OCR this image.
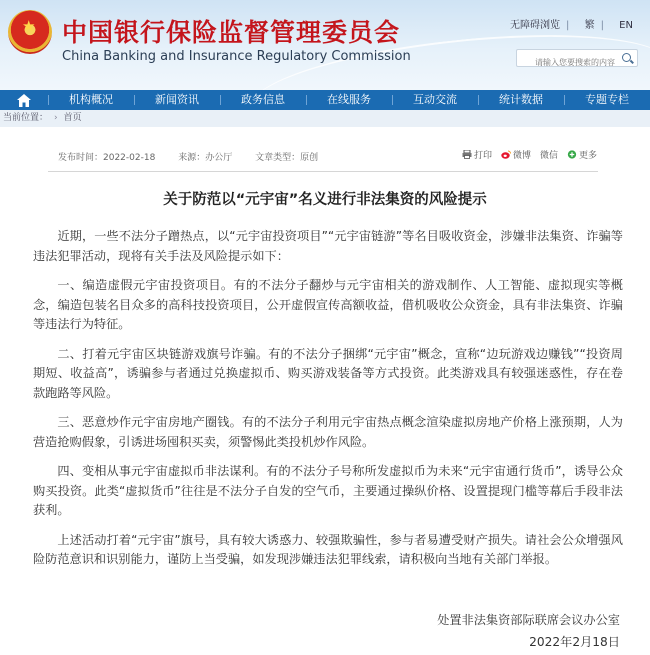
★ 中国银行保险监督管理委员会
China Banking and Insurance Regulatory Commission
无障碍浏览 | 繁 | EN
请输入您要搜索的内容
机构概况	新闻资讯	政务信息	在线服务	互动交流	统计数据	专题专栏
当前位置： › 首页
发布时间：2022-02-18	来源：办公厅	文章类型：原创	打印 微博 微信 更多
关于防范以“元宇宙”名义进行非法集资的风险提示

近期，一些不法分子蹭热点，以“元宇宙投资项目”“元宇宙链游”等名目吸收资金，涉嫌非法集资、诈骗等违法犯罪活动，现将有关手法及风险提示如下：

一、编造虚假元宇宙投资项目。有的不法分子翻炒与元宇宙相关的游戏制作、人工智能、虚拟现实等概念，编造包装名目众多的高科技投资项目，公开虚假宣传高额收益，借机吸收公众资金，具有非法集资、诈骗等违法行为特征。

二、打着元宇宙区块链游戏旗号诈骗。有的不法分子捆绑“元宇宙”概念，宣称“边玩游戏边赚钱”“投资周期短、收益高”，诱骗参与者通过兑换虚拟币、购买游戏装备等方式投资。此类游戏具有较强迷惑性，存在卷款跑路等风险。

三、恶意炒作元宇宙房地产圈钱。有的不法分子利用元宇宙热点概念渲染虚拟房地产价格上涨预期，人为营造抢购假象，引诱进场囤积买卖，须警惕此类投机炒作风险。

四、变相从事元宇宙虚拟币非法谋利。有的不法分子号称所发虚拟币为未来“元宇宙通行货币”，诱导公众购买投资。此类“虚拟货币”往往是不法分子自发的空气币，主要通过操纵价格、设置提现门槛等幕后手段非法获利。

上述活动打着“元宇宙”旗号，具有较大诱惑力、较强欺骗性，参与者易遭受财产损失。请社会公众增强风险防范意识和识别能力，谨防上当受骗，如发现涉嫌违法犯罪线索，请积极向当地有关部门举报。

处置非法集资部际联席会议办公室
2022年2月18日
